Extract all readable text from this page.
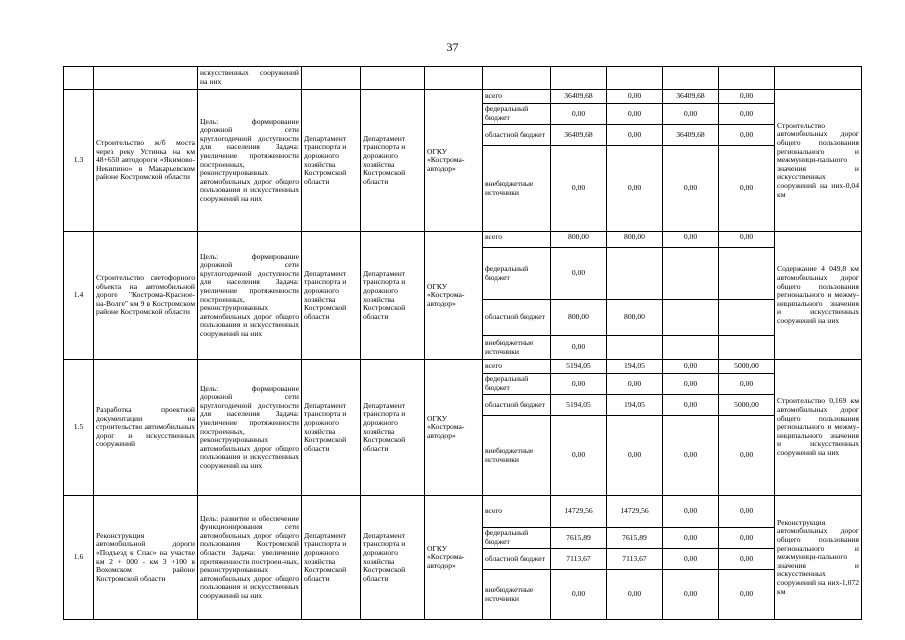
37
		искусственных сооружений на них									
1.3	Строительство ж/б моста через реку Устинка на км 48+650 автодороги «Якимово-Некипино» в Макарьевском районе Костромской области	Цель: формирование дорожной сети круглогодичной доступности для населения Задача: увеличение протяженности построенных, реконструированных автомобильных дорог общего пользования и искусственных сооружений на них	Департамент транспорта и дорожного хозяйства Костромской области	Департамент транспорта и дорожного хозяйства Костромской области	ОГКУ «Кострома-автодор»	всего	36409,68	0,00	36409,68	0,00	Строительство автомобильных дорог общего пользования регионального и межмуници-пального значения и искусственных сооружений на них-0,04 км
						федеральный бюджет	0,00	0,00	0,00	0,00	
						областной бюджет	36409,68	0,00	36409,68	0,00	
						внебюджетные источники	0,00	0,00	0,00	0,00	
1.4	Строительство светофорного объекта на автомобильной дороге "Кострома-Красное-на-Волге" км 9 в Костромском районе Костромской области	Цель: формирование дорожной сети круглогодичной доступности для населения Задача: увеличение протяженности построенных, реконструированных автомобильных дорог общего пользования и искусственных сооружений на них	Департамент транспорта и дорожного хозяйства Костромской области	Департамент транспорта и дорожного хозяйства Костромской области	ОГКУ «Кострома-автодор»	всего	800,00	800,00	0,00	0,00	Содержание 4 049,8 км автомобильных дорог общего пользования регионального и межму-ниципального значения и искусственных сооружений на них
						федеральный бюджет	0,00				
						областной бюджет	800,00	800,00			
						внебюджетные источники	0,00				
1.5	Разработка проектной документации на строительство автомобильных дорог и искусственных сооружений	Цель: формирование дорожной сети круглогодичной доступности для населения Задача: увеличение протяженности построенных, реконструированных автомобильных дорог общего пользования и искусственных сооружений на них	Департамент транспорта и дорожного хозяйства Костромской области	Департамент транспорта и дорожного хозяйства Костромской области	ОГКУ «Кострома-автодор»	всего	5194,05	194,05	0,00	5000,00	Строительство 0,169 км автомобильных дорог общего пользования регионального и межму-ниципального значения и искусственных сооружений на них
						федеральный бюджет	0,00	0,00	0,00	0,00	
						областной бюджет	5194,05	194,05	0,00	5000,00	
						внебюджетные источники	0,00	0,00	0,00	0,00	
1.6	Реконструкция автомобильной дороги «Подъезд к Спас» на участке км 2 + 000 - км 3 +100 в Вохомском районе Костромской области	Цель: развитие и обеспечение функционирования сети автомобильных дорог общего пользования Костромской области Задача: увеличение протяженности построен-ных, реконструированных автомобильных дорог общего пользования и искусственных сооружений на них	Департамент транспорта и дорожного хозяйства Костромской области	Департамент транспорта и дорожного хозяйства Костромской области	ОГКУ «Кострома-автодор»	всего	14729,56	14729,56	0,00	0,00	Реконструкция автомобильных дорог общего пользования регионального и межмуници-пального значения и искусственных сооружений на них-1,072 км
						федеральный бюджет	7615,89	7615,89	0,00	0,00	
						областной бюджет	7113,67	7113,67	0,00	0,00	
						внебюджетные источники	0,00	0,00	0,00	0,00	
